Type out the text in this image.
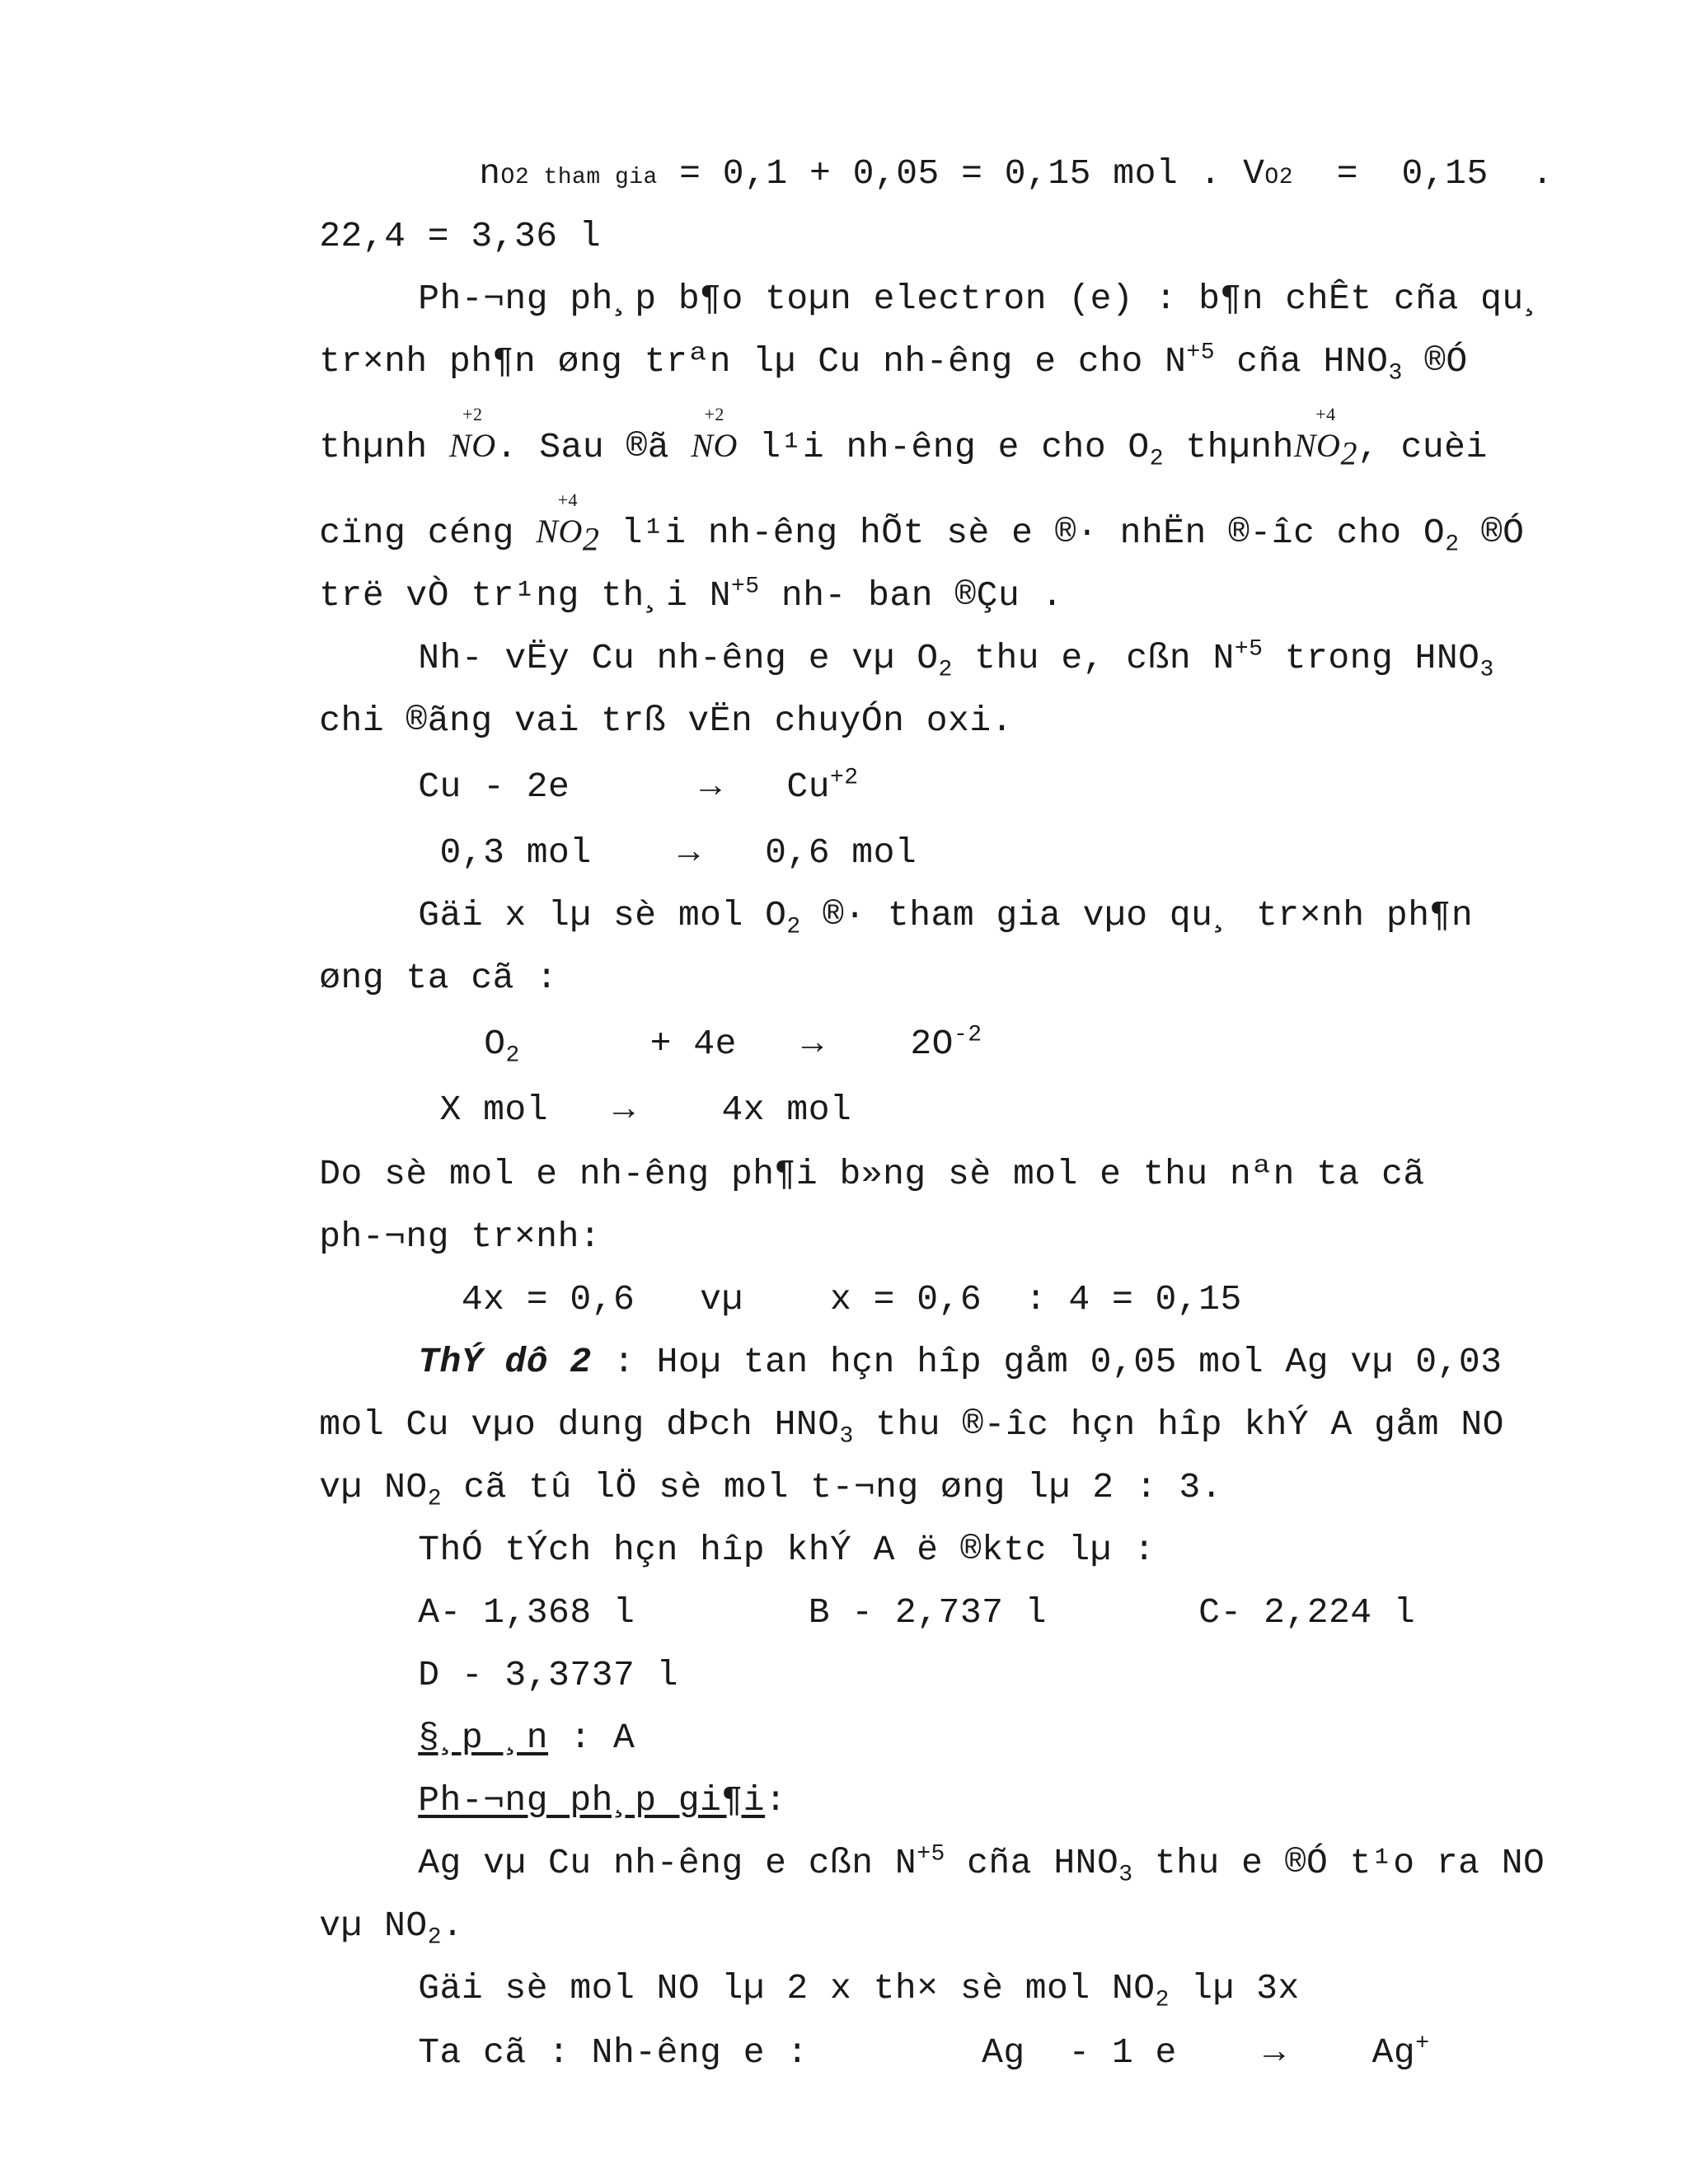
nO2 tham gia = 0,1 + 0,05 = 0,15 mol . VO2  =  0,15  .

22,4 = 3,36 l

Ph-¬ng ph¸p b¶o toµn electron (e) : b¶n chÊt cña qu¸

tr×nh ph¶n øng trªn lµ Cu nh-êng e cho $N^{+5}$ cña $HNO_3$ ®Ó

thµnh
+2
NO. Sau ®ã
+2
NO l¹i nh-êng e cho $O_2$ thµnh
+4
$NO_2$, cuèi

cïng céng
+4
$NO_2$ l¹i nh-êng hÕt sè e ®· nhËn ®-îc cho $O_2$ ®Ó

trë vÒ tr¹ng th¸i $N^{+5}$ nh- ban ®Çu .

Nh- vËy Cu nh-êng e vµ $O_2$ thu e, cßn $N^{+5}$ trong $HNO_3$

chi ®ãng vai trß vËn chuyÓn oxi.

Cu - 2e      →   $Cu^{+2}$

0,3 mol    →   0,6 mol

Gäi x lµ sè mol $O_2$ ®· tham gia vµo qu¸ tr×nh ph¶n

øng ta cã :

$O_2$      + 4e   →    $2O^{-2}$

X mol   →    4x mol

Do sè mol e nh-êng ph¶i b»ng sè mol e thu nªn ta cã

ph-¬ng tr×nh:

4x = 0,6   vµ    x = 0,6  : 4 = 0,15

ThÝ dô 2 : Hoµ tan hçn hîp gåm 0,05 mol Ag vµ 0,03

mol Cu vµo dung dÞch $HNO_3$ thu ®-îc hçn hîp khÝ A gåm NO

vµ $NO_2$ cã tû lÖ sè mol t-¬ng øng lµ 2 : 3.

ThÓ tÝch hçn hîp khÝ A ë ®ktc lµ :

A- 1,368 l        B - 2,737 l       C- 2,224 l

D - 3,3737 l

§¸p ¸n : A

Ph-¬ng ph¸p gi¶i:

Ag vµ Cu nh-êng e cßn $N^{+5}$ cña $HNO_3$ thu e ®Ó t¹o ra NO

vµ $NO_2$.

Gäi sè mol NO lµ 2 x th× sè mol $NO_2$ lµ 3x

Ta cã : Nh-êng e :        Ag  - 1 e    →    Ag+
